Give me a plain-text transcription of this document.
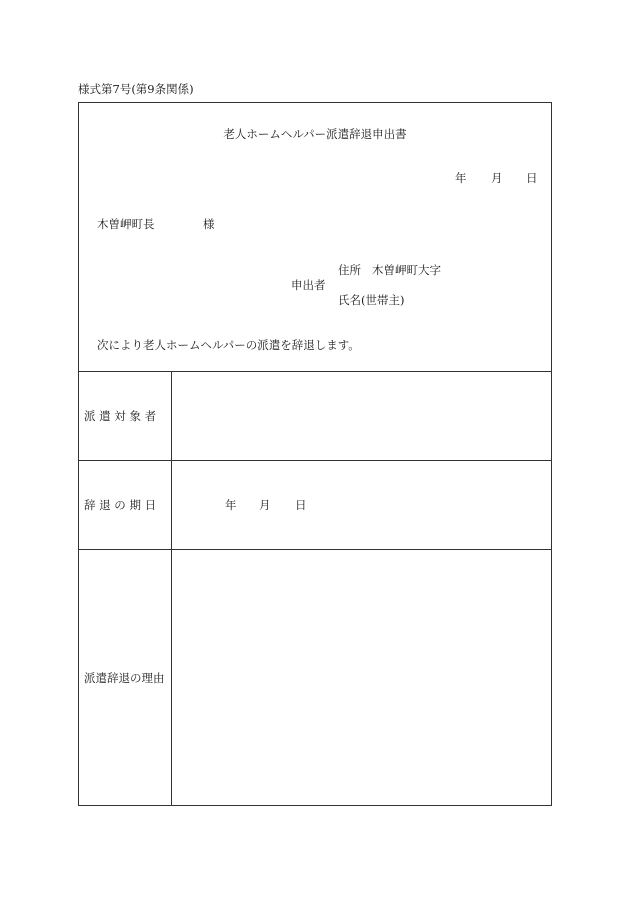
様式第7号(第9条関係)
老人ホームヘルパー派遣辞退申出書
年 月 日
木曽岬町長	様
住所 木曽岬町大字
申出者
氏名(世帯主)
次により老人ホームヘルパーの派遣を辞退します。
派 遣 対 象 者
辞 退 の 期 日	年 月 日
派遣辞退の理由
